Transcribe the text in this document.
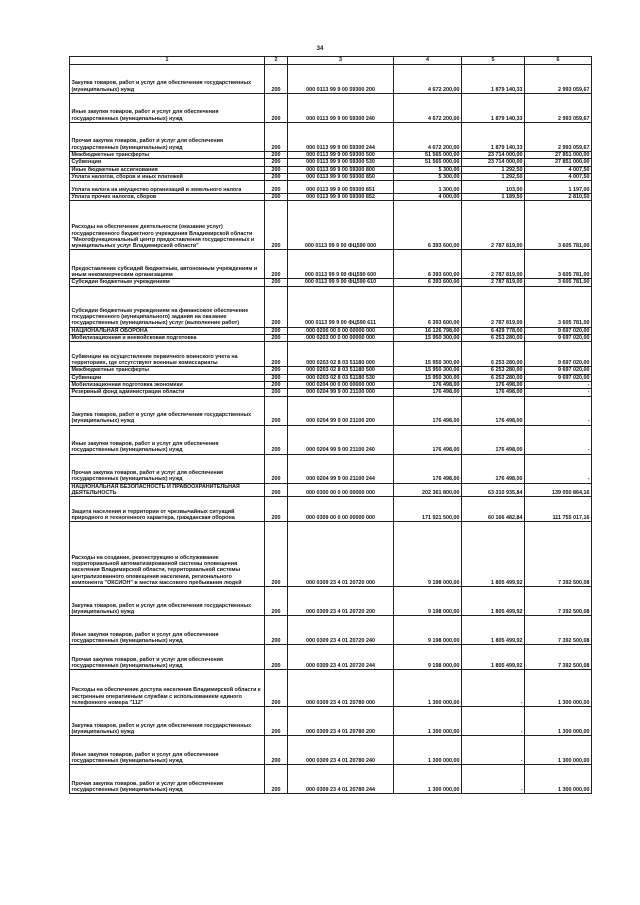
34
1	2	3	4	5	6
Закупка товаров, работ и услуг для обеспечения государственных (муниципальных) нужд	200	000 0113 99 9 00 59300 200	4 672 200,00	1 879 140,33	2 993 059,67
Иные закупки товаров, работ и услуг для обеспечения государственных (муниципальных) нужд	200	000 0113 99 9 00 59300 240	4 672 200,00	1 879 140,33	2 993 059,67
Прочая закупка товаров, работ и услуг для обеспечения государственных (муниципальных) нужд	200	000 0113 99 9 00 59300 244	4 672 200,00	1 879 140,33	2 993 059,67
Межбюджетные трансферты	200	000 0113 99 9 00 59300 500	51 565 000,00	23 714 000,00	27 851 000,00
Субвенции	200	000 0113 99 9 00 59300 530	51 565 000,00	23 714 000,00	27 851 000,00
Иные бюджетные ассигнования	200	000 0113 99 9 00 59300 800	5 300,00	1 292,50	4 007,50
Уплата налогов, сборов и иных платежей	200	000 0113 99 9 00 59300 850	5 300,00	1 292,50	4 007,50
Уплата налога на имущество организаций и земельного налога	200	000 0113 99 9 00 59300 851	1 300,00	103,00	1 197,00
Уплата прочих налогов, сборов	200	000 0113 99 9 00 59300 852	4 000,00	1 189,50	2 810,50
Расходы на обеспечение деятельности (оказание услуг) государственного бюджетного учреждения Владимирской области "Многофункциональный центр предоставления государственных и муниципальных услуг Владимирской области"	200	000 0113 99 9 00 ФЦ590 000	6 393 600,00	2 787 819,00	3 605 781,00
Предоставление субсидий бюджетным, автономным учреждениям и иным некоммерческим организациям	200	000 0113 99 9 00 ФЦ590 600	6 393 600,00	2 787 819,00	3 605 781,00
Субсидии бюджетным учреждениям	200	000 0113 99 9 00 ФЦ590 610	6 393 600,00	2 787 819,00	3 605 781,00
Субсидии бюджетным учреждениям на финансовое обеспечение государственного (муниципального) задания на оказание государственных (муниципальных) услуг (выполнение работ)	200	000 0113 99 9 00 ФЦ590 611	6 393 600,00	2 787 819,00	3 605 781,00
НАЦИОНАЛЬНАЯ ОБОРОНА	200	000 0200 00 0 00 00000 000	16 126 798,00	6 429 778,00	9 697 020,00
Мобилизационная и вневойсковая подготовка	200	000 0203 00 0 00 00000 000	15 950 300,00	6 253 280,00	9 697 020,00
Субвенции на осуществление первичного воинского учета на территориях, где отсутствуют военные комиссариаты	200	000 0203 02 8 03 51180 000	15 950 300,00	6 253 280,00	9 697 020,00
Межбюджетные трансферты	200	000 0203 02 8 03 51180 500	15 950 300,00	6 253 280,00	9 697 020,00
Субвенции	200	000 0203 02 8 03 51180 530	15 950 300,00	6 253 280,00	9 697 020,00
Мобилизационная подготовка экономики	200	000 0204 00 0 00 00000 000	176 498,00	176 498,00	-
Резервный фонд администрации области	200	000 0204 99 9 00 21100 000	176 498,00	176 498,00	-
Закупка товаров, работ и услуг для обеспечения государственных (муниципальных) нужд	200	000 0204 99 9 00 21100 200	176 498,00	176 498,00	-
Иные закупки товаров, работ и услуг для обеспечения государственных (муниципальных) нужд	200	000 0204 99 9 00 21100 240	176 498,00	176 498,00	-
Прочая закупка товаров, работ и услуг для обеспечения государственных (муниципальных) нужд	200	000 0204 99 9 00 21100 244	176 498,00	176 498,00	-
НАЦИОНАЛЬНАЯ БЕЗОПАСНОСТЬ И ПРАВООХРАНИТЕЛЬНАЯ ДЕЯТЕЛЬНОСТЬ	200	000 0300 00 0 00 00000 000	202 361 800,00	63 310 935,84	139 050 864,16
Защита населения и территории от чрезвычайных ситуаций природного и техногенного характера, гражданская оборона	200	000 0309 00 0 00 00000 000	171 921 500,00	60 166 482,84	111 755 017,16
Расходы на создание, реконструкцию и обслуживание территориальной автоматизированной системы оповещения населения Владимирской области, территориальной системы централизованного оповещения населения, регионального компонента "ОКСИОН" в местах массового пребывания людей	200	000 0309 23 4 01 20720 000	9 198 000,00	1 805 499,92	7 392 500,08
Закупка товаров, работ и услуг для обеспечения государственных (муниципальных) нужд	200	000 0309 23 4 01 20720 200	9 198 000,00	1 805 499,92	7 392 500,08
Иные закупки товаров, работ и услуг для обеспечения государственных (муниципальных) нужд	200	000 0309 23 4 01 20720 240	9 198 000,00	1 805 499,92	7 392 500,08
Прочая закупка товаров, работ и услуг для обеспечения государственных (муниципальных) нужд	200	000 0309 23 4 01 20720 244	9 198 000,00	1 805 499,92	7 392 500,08
Расходы на обеспечение доступа населения Владимирской области к экстренным оперативным службам с использованием единого телефонного номера "112"	200	000 0309 23 4 01 20780 000	1 300 000,00	-	1 300 000,00
Закупка товаров, работ и услуг для обеспечения государственных (муниципальных) нужд	200	000 0309 23 4 01 20780 200	1 300 000,00	-	1 300 000,00
Иные закупки товаров, работ и услуг для обеспечения государственных (муниципальных) нужд	200	000 0309 23 4 01 20780 240	1 300 000,00	-	1 300 000,00
Прочая закупка товаров, работ и услуг для обеспечения государственных (муниципальных) нужд	200	000 0309 23 4 01 20780 244	1 300 000,00	-	1 300 000,00
